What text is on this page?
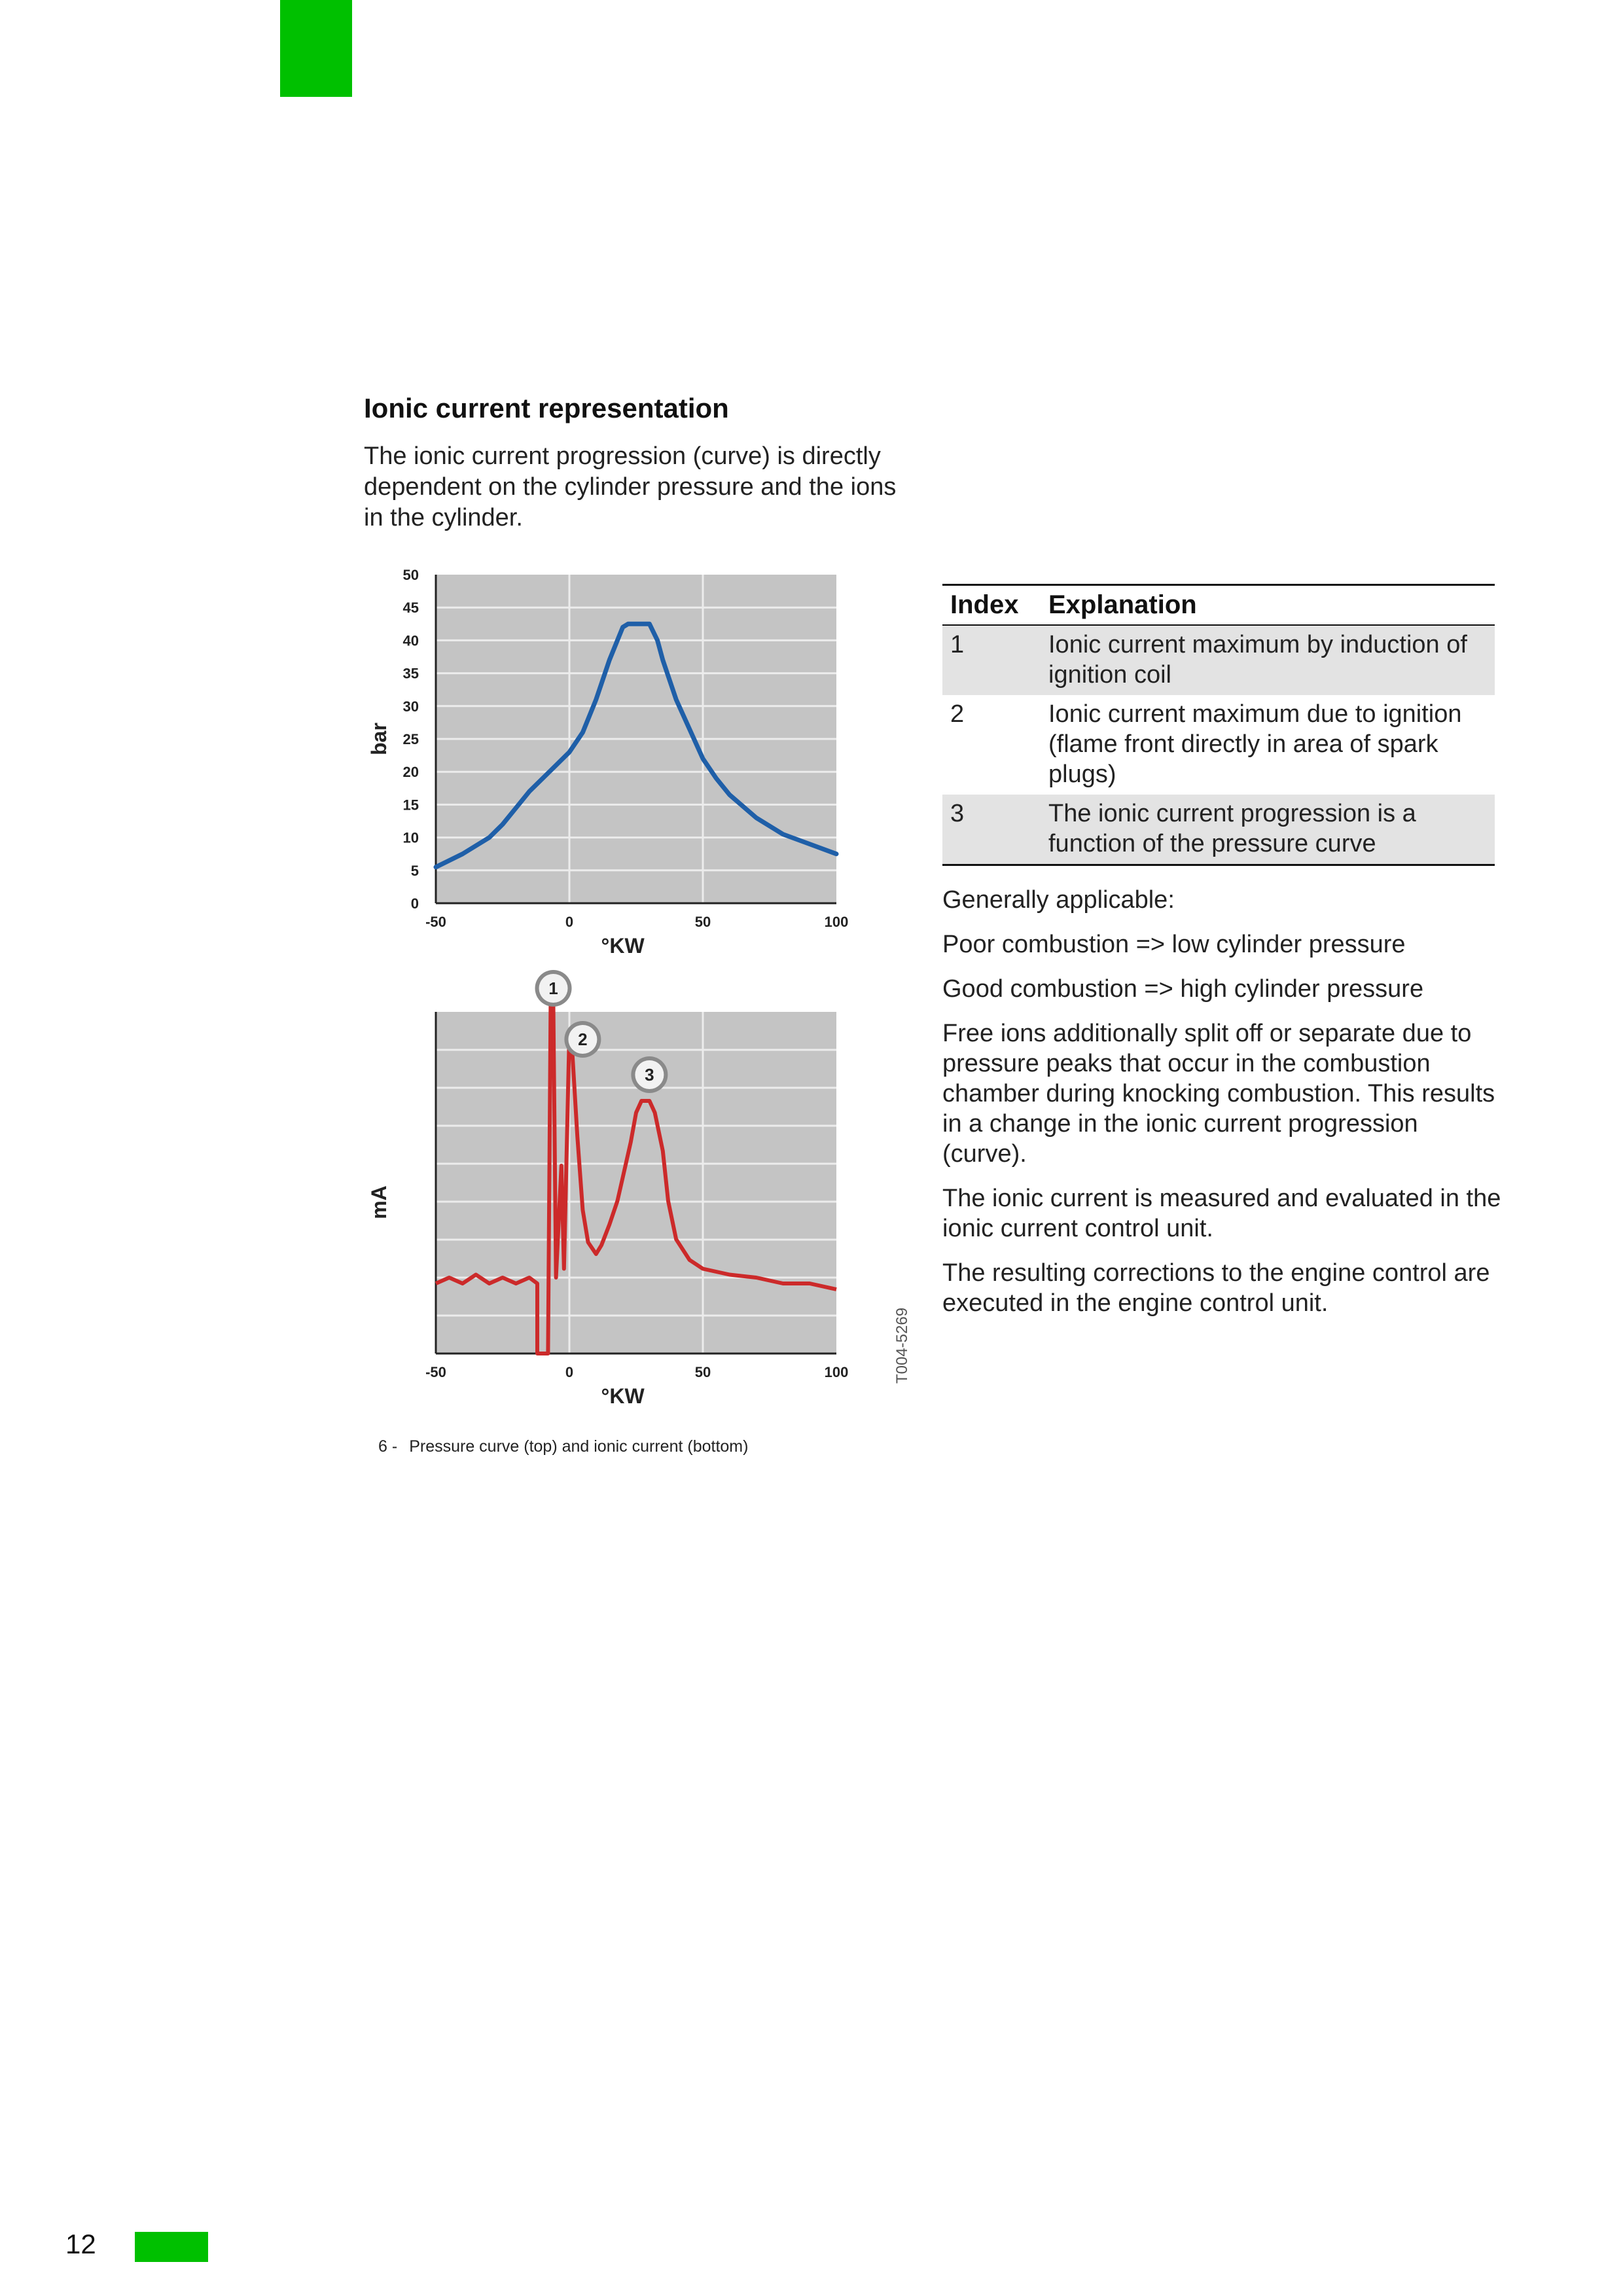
Ionic current representation
The ionic current progression (curve) is directly dependent on the cylinder pressure and the ions in the cylinder.
0
5
10
15
20
25
30
35
40
45
50
-50	0	50	100
°KW
bar
-50	0	50	100
°KW
mA
1
2
3
T004-5269
6 - Pressure curve (top) and ionic current (bottom)
Index	Explanation
1	Ionic current maximum by induction of ignition coil
2	Ionic current maximum due to ignition (flame front directly in area of spark plugs)
3	The ionic current progression is a function of the pressure curve

Generally applicable:

Poor combustion => low cylinder pressure

Good combustion => high cylinder pressure

Free ions additionally split off or separate due to pressure peaks that occur in the combustion chamber during knocking combustion. This results in a change in the ionic current progression (curve).

The ionic current is measured and evaluated in the ionic current control unit.

The resulting corrections to the engine control are executed in the engine control unit.

12
